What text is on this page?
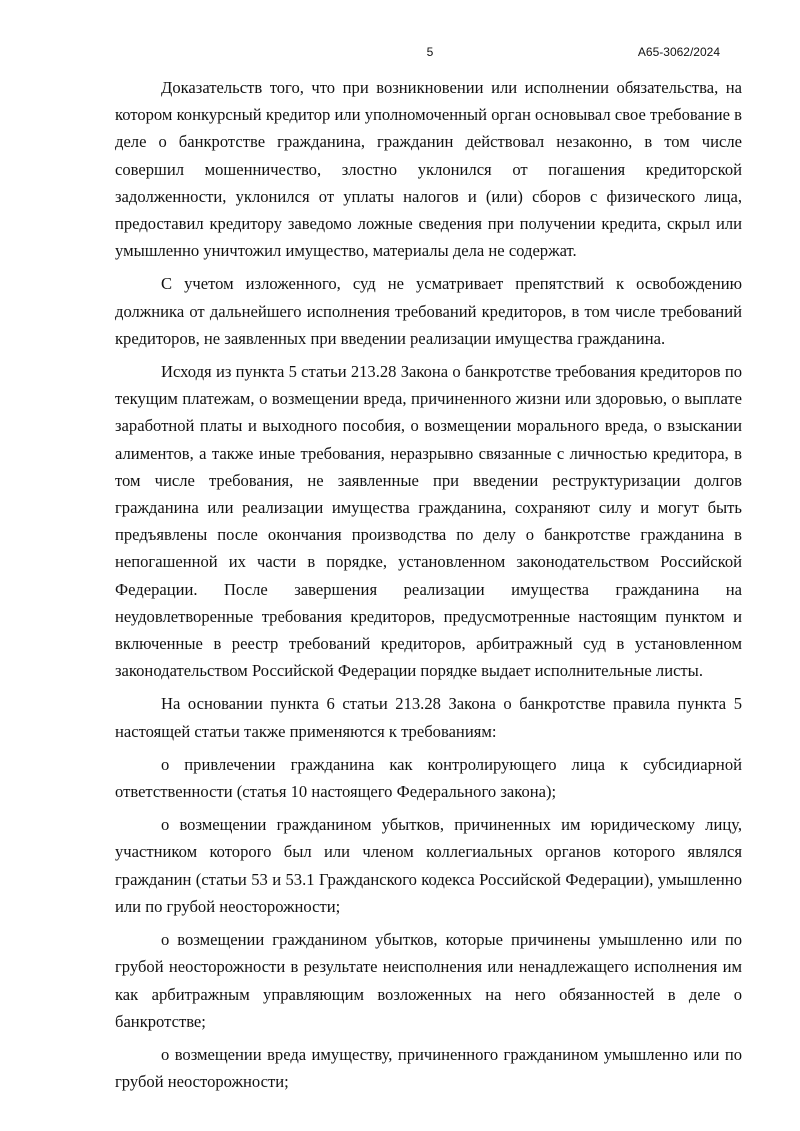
5	А65-3062/2024

Доказательств того, что при возникновении или исполнении обязательства, на котором конкурсный кредитор или уполномоченный орган основывал свое требование в деле о банкротстве гражданина, гражданин действовал незаконно, в том числе совершил мошенничество, злостно уклонился от погашения кредиторской задолженности, уклонился от уплаты налогов и (или) сборов с физического лица, предоставил кредитору заведомо ложные сведения при получении кредита, скрыл или умышленно уничтожил имущество, материалы дела не содержат.

С учетом изложенного, суд не усматривает препятствий к освобождению должника от дальнейшего исполнения требований кредиторов, в том числе требований кредиторов, не заявленных при введении реализации имущества гражданина.

Исходя из пункта 5 статьи 213.28 Закона о банкротстве требования кредиторов по текущим платежам, о возмещении вреда, причиненного жизни или здоровью, о выплате заработной платы и выходного пособия, о возмещении морального вреда, о взыскании алиментов, а также иные требования, неразрывно связанные с личностью кредитора, в том числе требования, не заявленные при введении реструктуризации долгов гражданина или реализации имущества гражданина, сохраняют силу и могут быть предъявлены после окончания производства по делу о банкротстве гражданина в непогашенной их части в порядке, установленном законодательством Российской Федерации. После завершения реализации имущества гражданина на неудовлетворенные требования кредиторов, предусмотренные настоящим пунктом и включенные в реестр требований кредиторов, арбитражный суд в установленном законодательством Российской Федерации порядке выдает исполнительные листы.

На основании пункта 6 статьи 213.28 Закона о банкротстве правила пункта 5 настоящей статьи также применяются к требованиям:

о привлечении гражданина как контролирующего лица к субсидиарной ответственности (статья 10 настоящего Федерального закона);

о возмещении гражданином убытков, причиненных им юридическому лицу, участником которого был или членом коллегиальных органов которого являлся гражданин (статьи 53 и 53.1 Гражданского кодекса Российской Федерации), умышленно или по грубой неосторожности;

о возмещении гражданином убытков, которые причинены умышленно или по грубой неосторожности в результате неисполнения или ненадлежащего исполнения им как арбитражным управляющим возложенных на него обязанностей в деле о банкротстве;

о возмещении вреда имуществу, причиненного гражданином умышленно или по грубой неосторожности;
